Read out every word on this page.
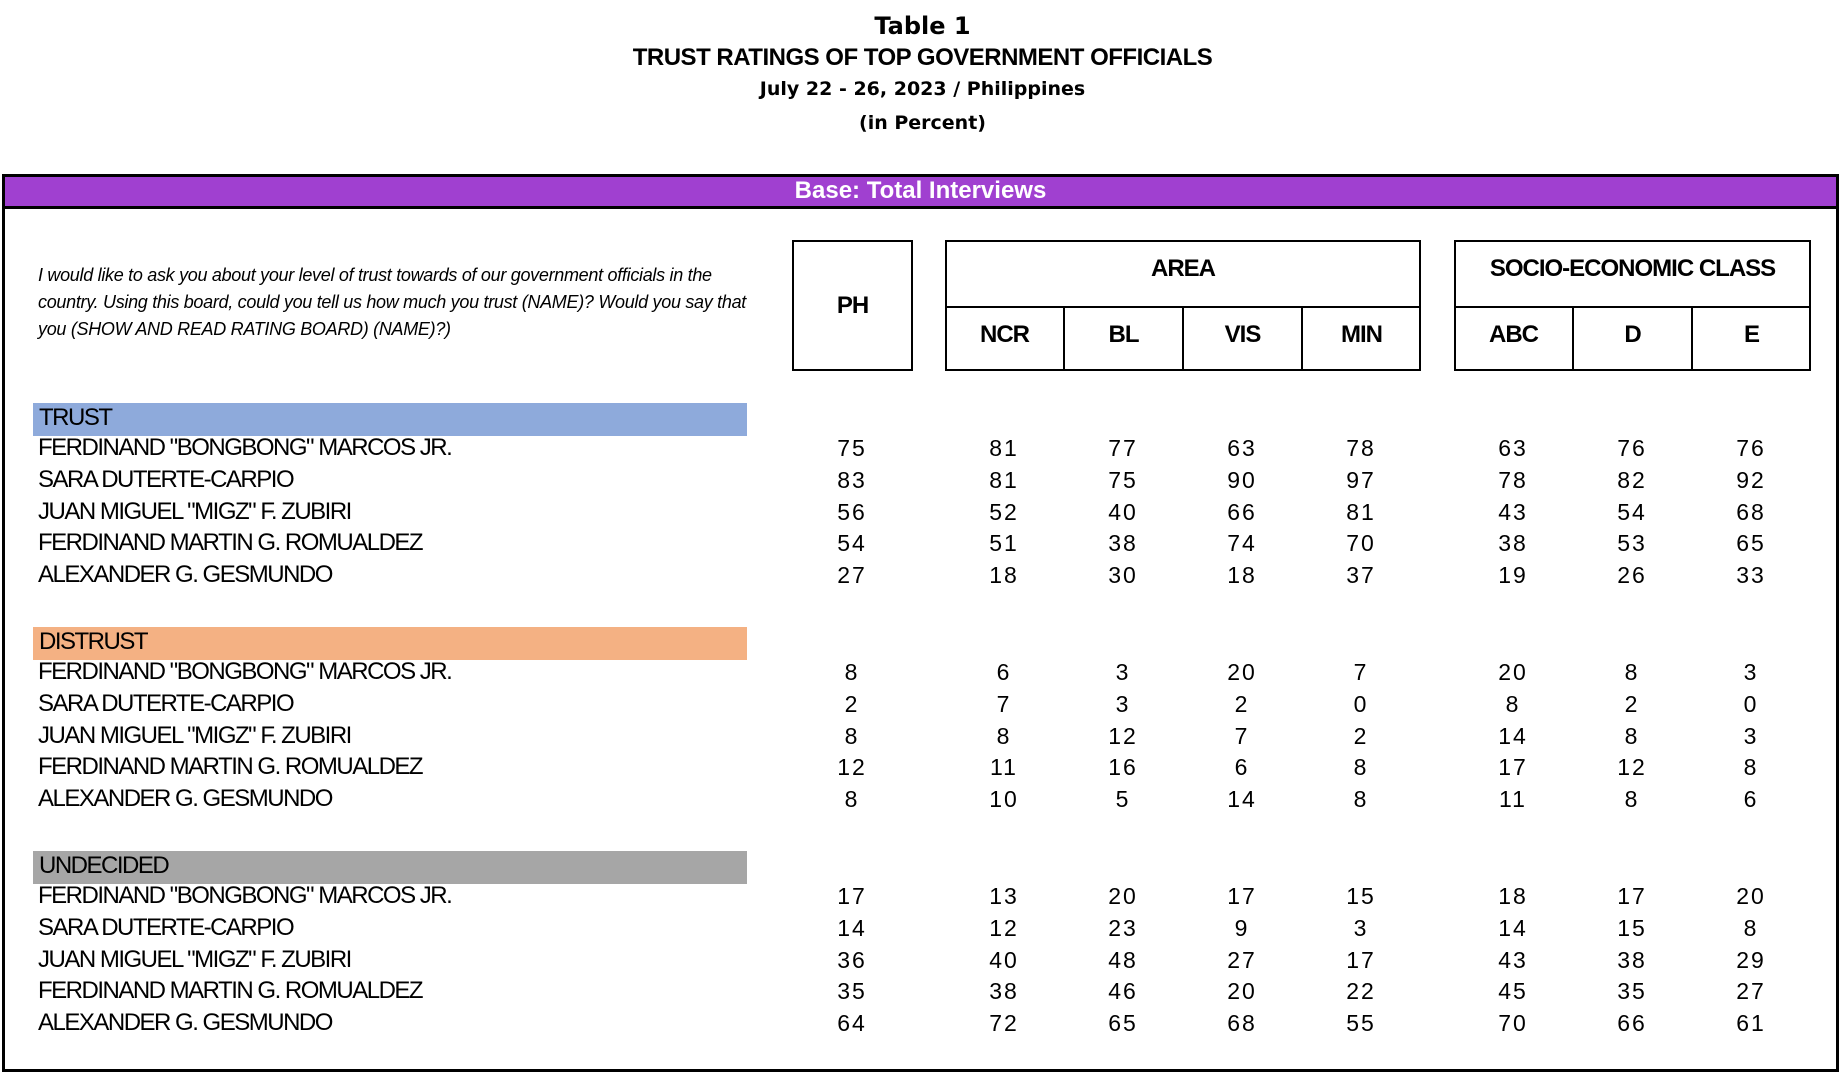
Table 1
TRUST RATINGS OF TOP GOVERNMENT OFFICIALS
July 22 - 26, 2023 / Philippines
(in Percent)
Base: Total Interviews
I would like to ask you about your level of trust towards of our government officials in the country. Using this board, could you tell us how much you trust (NAME)? Would you say that you (SHOW AND READ RATING BOARD) (NAME)?)
PH
AREA
NCR	BL	VIS	MIN
SOCIO-ECONOMIC CLASS
ABC	D	E
TRUST
FERDINAND "BONGBONG" MARCOS JR.	75	81	77	63	78	63	76	76
SARA DUTERTE-CARPIO	83	81	75	90	97	78	82	92
JUAN MIGUEL "MIGZ" F. ZUBIRI	56	52	40	66	81	43	54	68
FERDINAND MARTIN G. ROMUALDEZ	54	51	38	74	70	38	53	65
ALEXANDER G. GESMUNDO	27	18	30	18	37	19	26	33
DISTRUST
FERDINAND "BONGBONG" MARCOS JR.	8	6	3	20	7	20	8	3
SARA DUTERTE-CARPIO	2	7	3	2	0	8	2	0
JUAN MIGUEL "MIGZ" F. ZUBIRI	8	8	12	7	2	14	8	3
FERDINAND MARTIN G. ROMUALDEZ	12	11	16	6	8	17	12	8
ALEXANDER G. GESMUNDO	8	10	5	14	8	11	8	6
UNDECIDED
FERDINAND "BONGBONG" MARCOS JR.	17	13	20	17	15	18	17	20
SARA DUTERTE-CARPIO	14	12	23	9	3	14	15	8
JUAN MIGUEL "MIGZ" F. ZUBIRI	36	40	48	27	17	43	38	29
FERDINAND MARTIN G. ROMUALDEZ	35	38	46	20	22	45	35	27
ALEXANDER G. GESMUNDO	64	72	65	68	55	70	66	61
